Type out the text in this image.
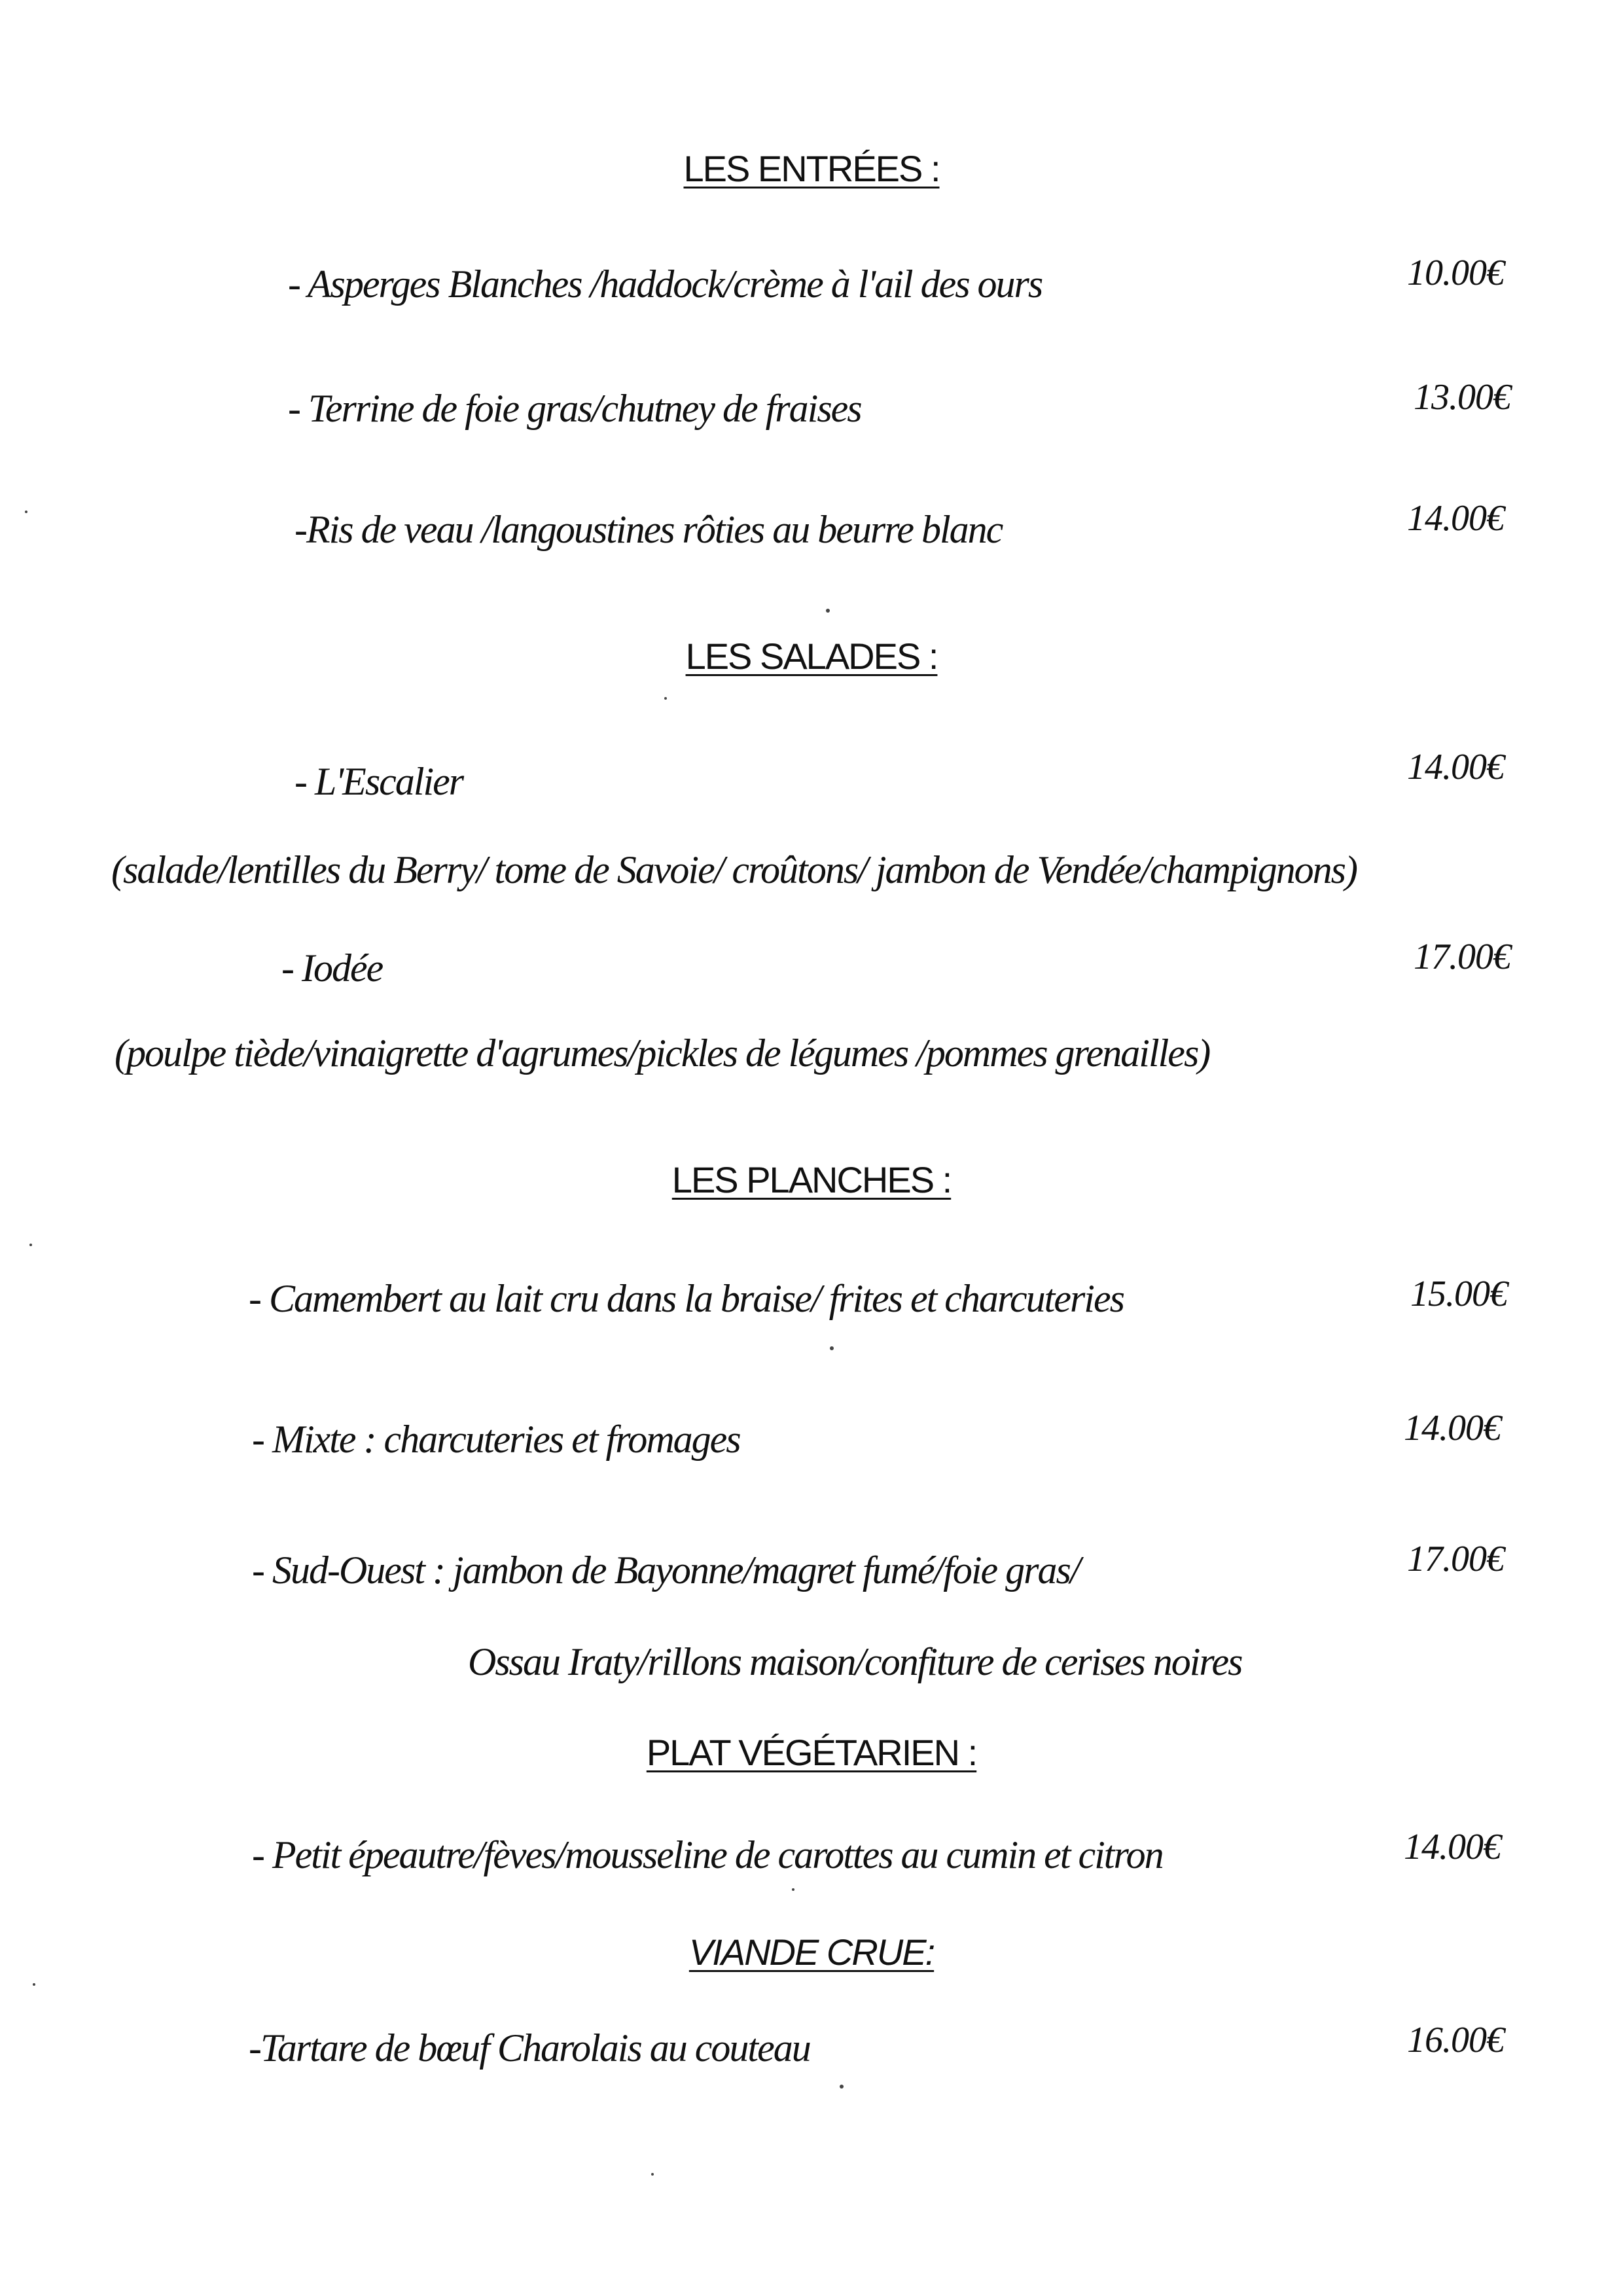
LES ENTRÉES :
- Asperges Blanches /haddock/crème à l'ail des ours	10.00€
- Terrine de foie gras/chutney de fraises	13.00€
-Ris de veau /langoustines rôties au beurre blanc	14.00€
LES SALADES :
- L'Escalier	14.00€
(salade/lentilles du Berry/ tome de Savoie/ croûtons/ jambon de Vendée/champignons)
- Iodée	17.00€
(poulpe tiède/vinaigrette d'agrumes/pickles de légumes /pommes grenailles)
LES PLANCHES :
- Camembert au lait cru dans la braise/ frites et charcuteries	15.00€
- Mixte : charcuteries et fromages	14.00€
- Sud-Ouest : jambon de Bayonne/magret fumé/foie gras/	17.00€
Ossau Iraty/rillons maison/confiture de cerises noires
PLAT VÉGÉTARIEN :
- Petit épeautre/fèves/mousseline de carottes au cumin et citron	14.00€
VIANDE CRUE:
-Tartare de bœuf Charolais au couteau	16.00€
